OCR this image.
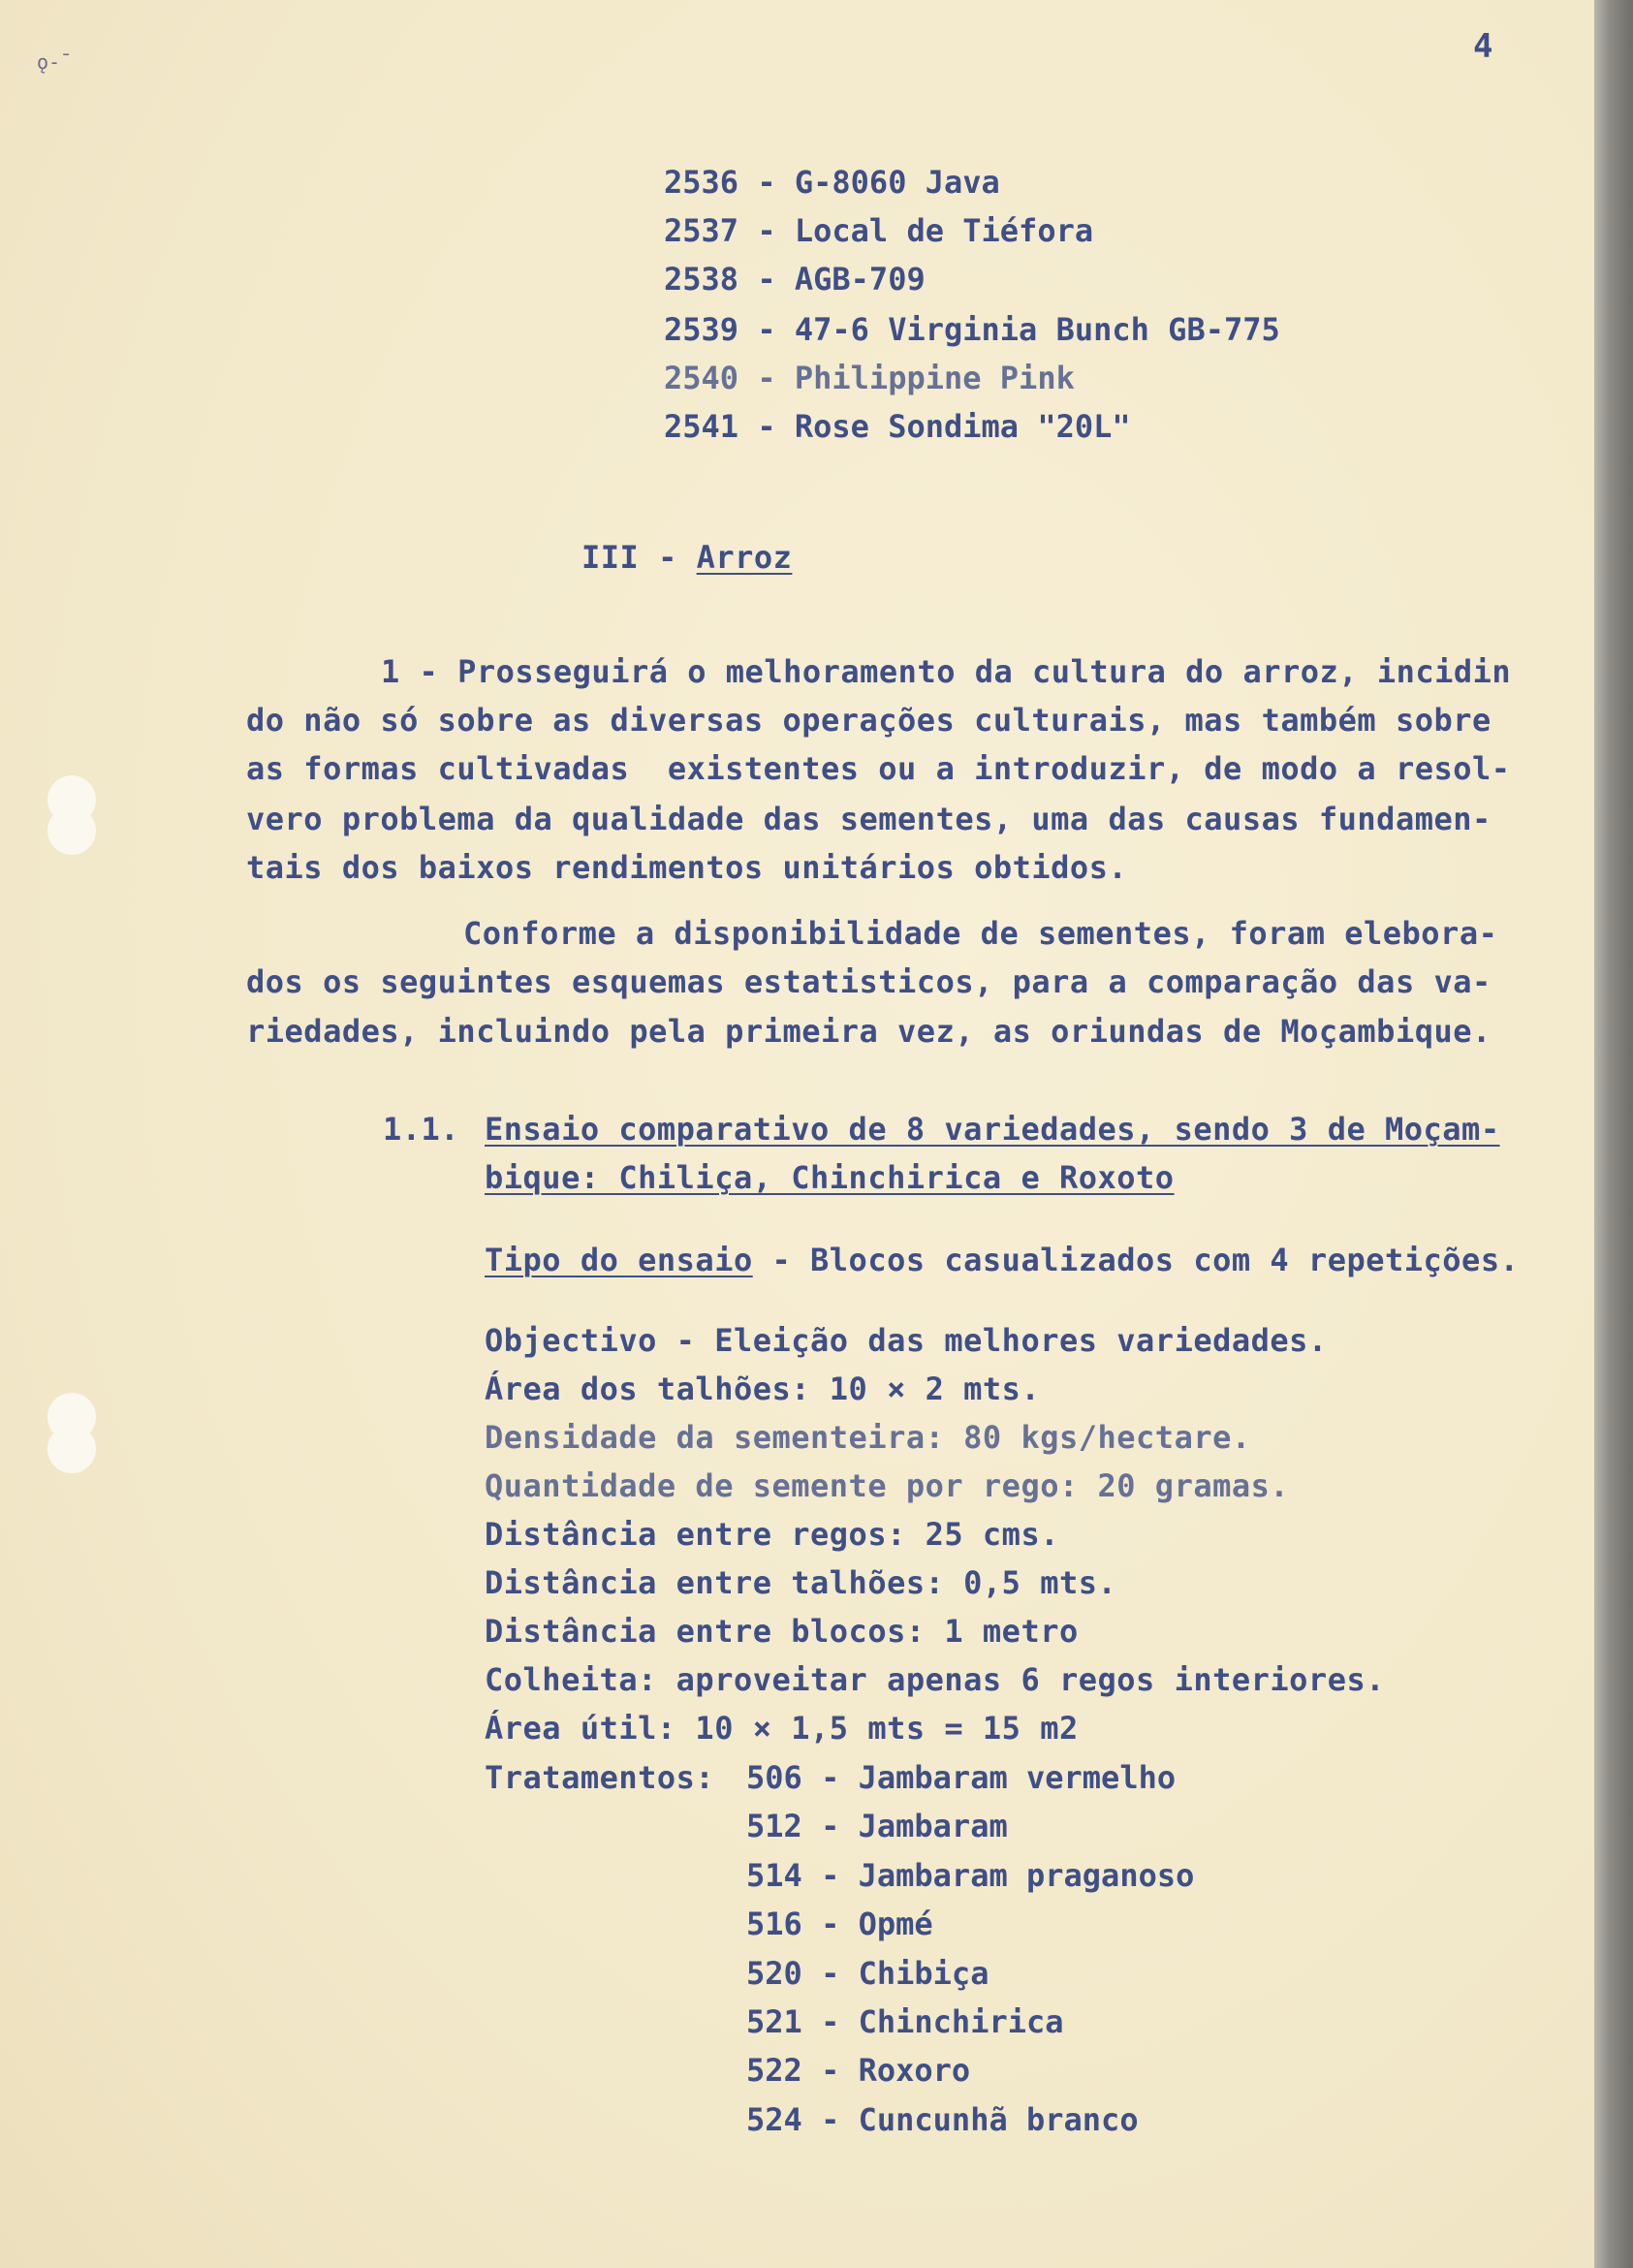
ǫ-¯	4
2536 - G-8060 Java
2537 - Local de Tiéfora
2538 - AGB-709
2539 - 47-6 Virginia Bunch GB-775
2540 - Philippine Pink
2541 - Rose Sondima "20L"
III - Arroz
1 - Prosseguirá o melhoramento da cultura do arroz, incidin
do não só sobre as diversas operações culturais, mas também sobre
as formas cultivadas  existentes ou a introduzir, de modo a resol-
vero problema da qualidade das sementes, uma das causas fundamen-
tais dos baixos rendimentos unitários obtidos.
Conforme a disponibilidade de sementes, foram elebora-
dos os seguintes esquemas estatisticos, para a comparação das va-
riedades, incluindo pela primeira vez, as oriundas de Moçambique.
1.1. Ensaio comparativo de 8 variedades, sendo 3 de Moçam-
bique: Chiliça, Chinchirica e Roxoto
Tipo do ensaio - Blocos casualizados com 4 repetições.
Objectivo - Eleição das melhores variedades.
Área dos talhões: 10 × 2 mts.
Densidade da sementeira: 80 kgs/hectare.
Quantidade de semente por rego: 20 gramas.
Distância entre regos: 25 cms.
Distância entre talhões: 0,5 mts.
Distância entre blocos: 1 metro
Colheita: aproveitar apenas 6 regos interiores.
Área útil: 10 × 1,5 mts = 15 m2
Tratamentos: 506 - Jambaram vermelho
512 - Jambaram
514 - Jambaram praganoso
516 - Opmé
520 - Chibiça
521 - Chinchirica
522 - Roxoro
524 - Cuncunhã branco
